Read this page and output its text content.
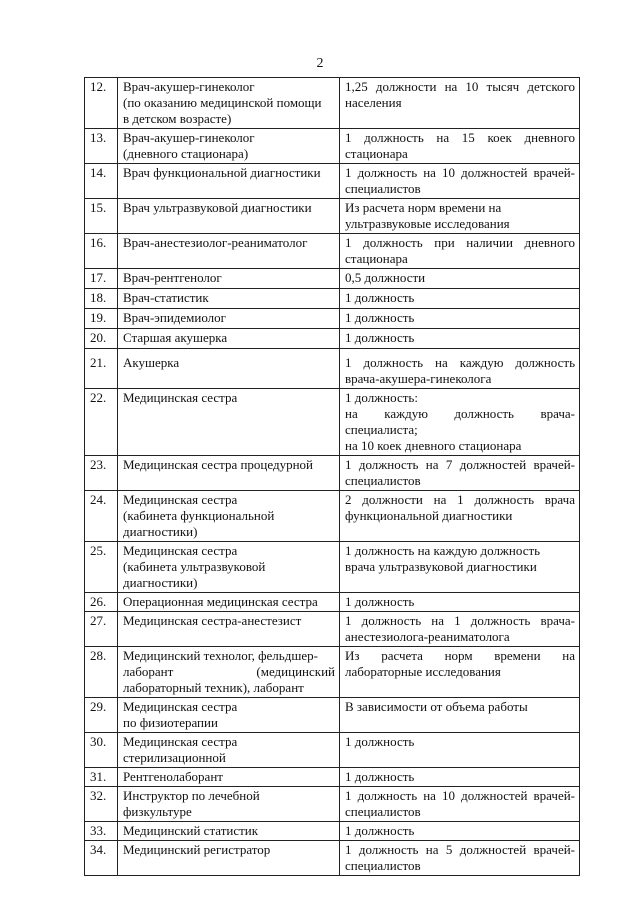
2
12.	Врач-акушер-гинеколог
(по оказанию медицинской помощи
в детском возрасте)	1,25 должности на 10 тысяч детского
населения

13.	Врач-акушер-гинеколог
(дневного стационара)	1 должность на 15 коек дневного
стационара

14.	Врач функциональной диагностики	1 должность на 10 должностей врачей-
специалистов

15.	Врач ультразвуковой диагностики	Из расчета норм времени на
ультразвуковые исследования

16.	Врач-анестезиолог-реаниматолог	1 должность при наличии дневного
стационара

17.	Врач-рентгенолог	0,5 должности

18.	Врач-статистик	1 должность

19.	Врач-эпидемиолог	1 должность

20.	Старшая акушерка	1 должность

21.	Акушерка	1 должность на каждую должность
врача-акушера-гинеколога

22.	Медицинская сестра	1 должность:
на каждую должность врача-
специалиста;
на 10 коек дневного стационара

23.	Медицинская сестра процедурной	1 должность на 7 должностей врачей-
специалистов

24.	Медицинская сестра
(кабинета функциональной
диагностики)	2 должности на 1 должность врача
функциональной диагностики

25.	Медицинская сестра
(кабинета ультразвуковой
диагностики)	1 должность на каждую должность
врача ультразвуковой диагностики

26.	Операционная медицинская сестра	1 должность

27.	Медицинская сестра-анестезист	1 должность на 1 должность врача-
анестезиолога-реаниматолога

28.	Медицинский технолог, фельдшер-
лаборант (медицинский
лабораторный техник), лаборант	Из расчета норм времени на
лабораторные исследования

29.	Медицинская сестра
по физиотерапии	В зависимости от объема работы

30.	Медицинская сестра
стерилизационной	1 должность

31.	Рентгенолаборант	1 должность

32.	Инструктор по лечебной
физкультуре	1 должность на 10 должностей врачей-
специалистов

33.	Медицинский статистик	1 должность

34.	Медицинский регистратор	1 должность на 5 должностей врачей-
специалистов
